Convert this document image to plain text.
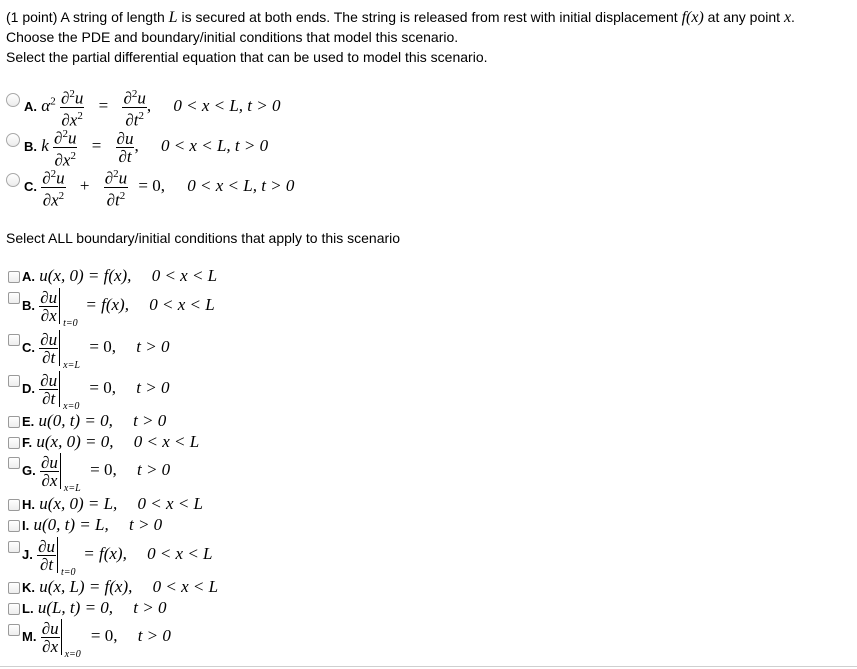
(1 point) A string of length L is secured at both ends. The string is released from rest with initial displacement f(x) at any point x.
Choose the PDE and boundary/initial conditions that model this scenario.
Select the partial differential equation that can be used to model this scenario.
A. $\alpha^2 \frac{\partial^2u}{\partial x^2} = \frac{\partial^2u}{\partial t^2}$ , 0 < x < L, t > 0
B. k $\frac{\partial^2u}{\partial x^2} = \frac{\partial u}{\partial t}$ , 0 < x < L, t > 0
C. $\frac{\partial^2u}{\partial x^2} + \frac{\partial^2u}{\partial t^2} = 0$, 0 < x < L, t > 0
Select ALL boundary/initial conditions that apply to this scenario
A. u(x, 0) = f(x), 0 < x < L
B. $\frac{\partial u}{\partial x} t=0$
= f(x), 0 < x < L
C. $\frac{\partial u}{\partial t} x=L$
= 0, t > 0
D. $\frac{\partial u}{\partial t} x=0$
= 0, t > 0
E. u(0, t) = 0, t > 0
F. u(x, 0) = 0, 0 < x < L
G. $\frac{\partial u}{\partial x} x=L$
= 0, t > 0
H. u(x, 0) = L, 0 < x < L
I. u(0, t) = L, t > 0
J. $\frac{\partial u}{\partial t} t=0$
= f(x), 0 < x < L
K. u(x, L) = f(x), 0 < x < L
L. u(L, t) = 0, t > 0
M. $\frac{\partial u}{\partial x} x=0$
= 0, t > 0
